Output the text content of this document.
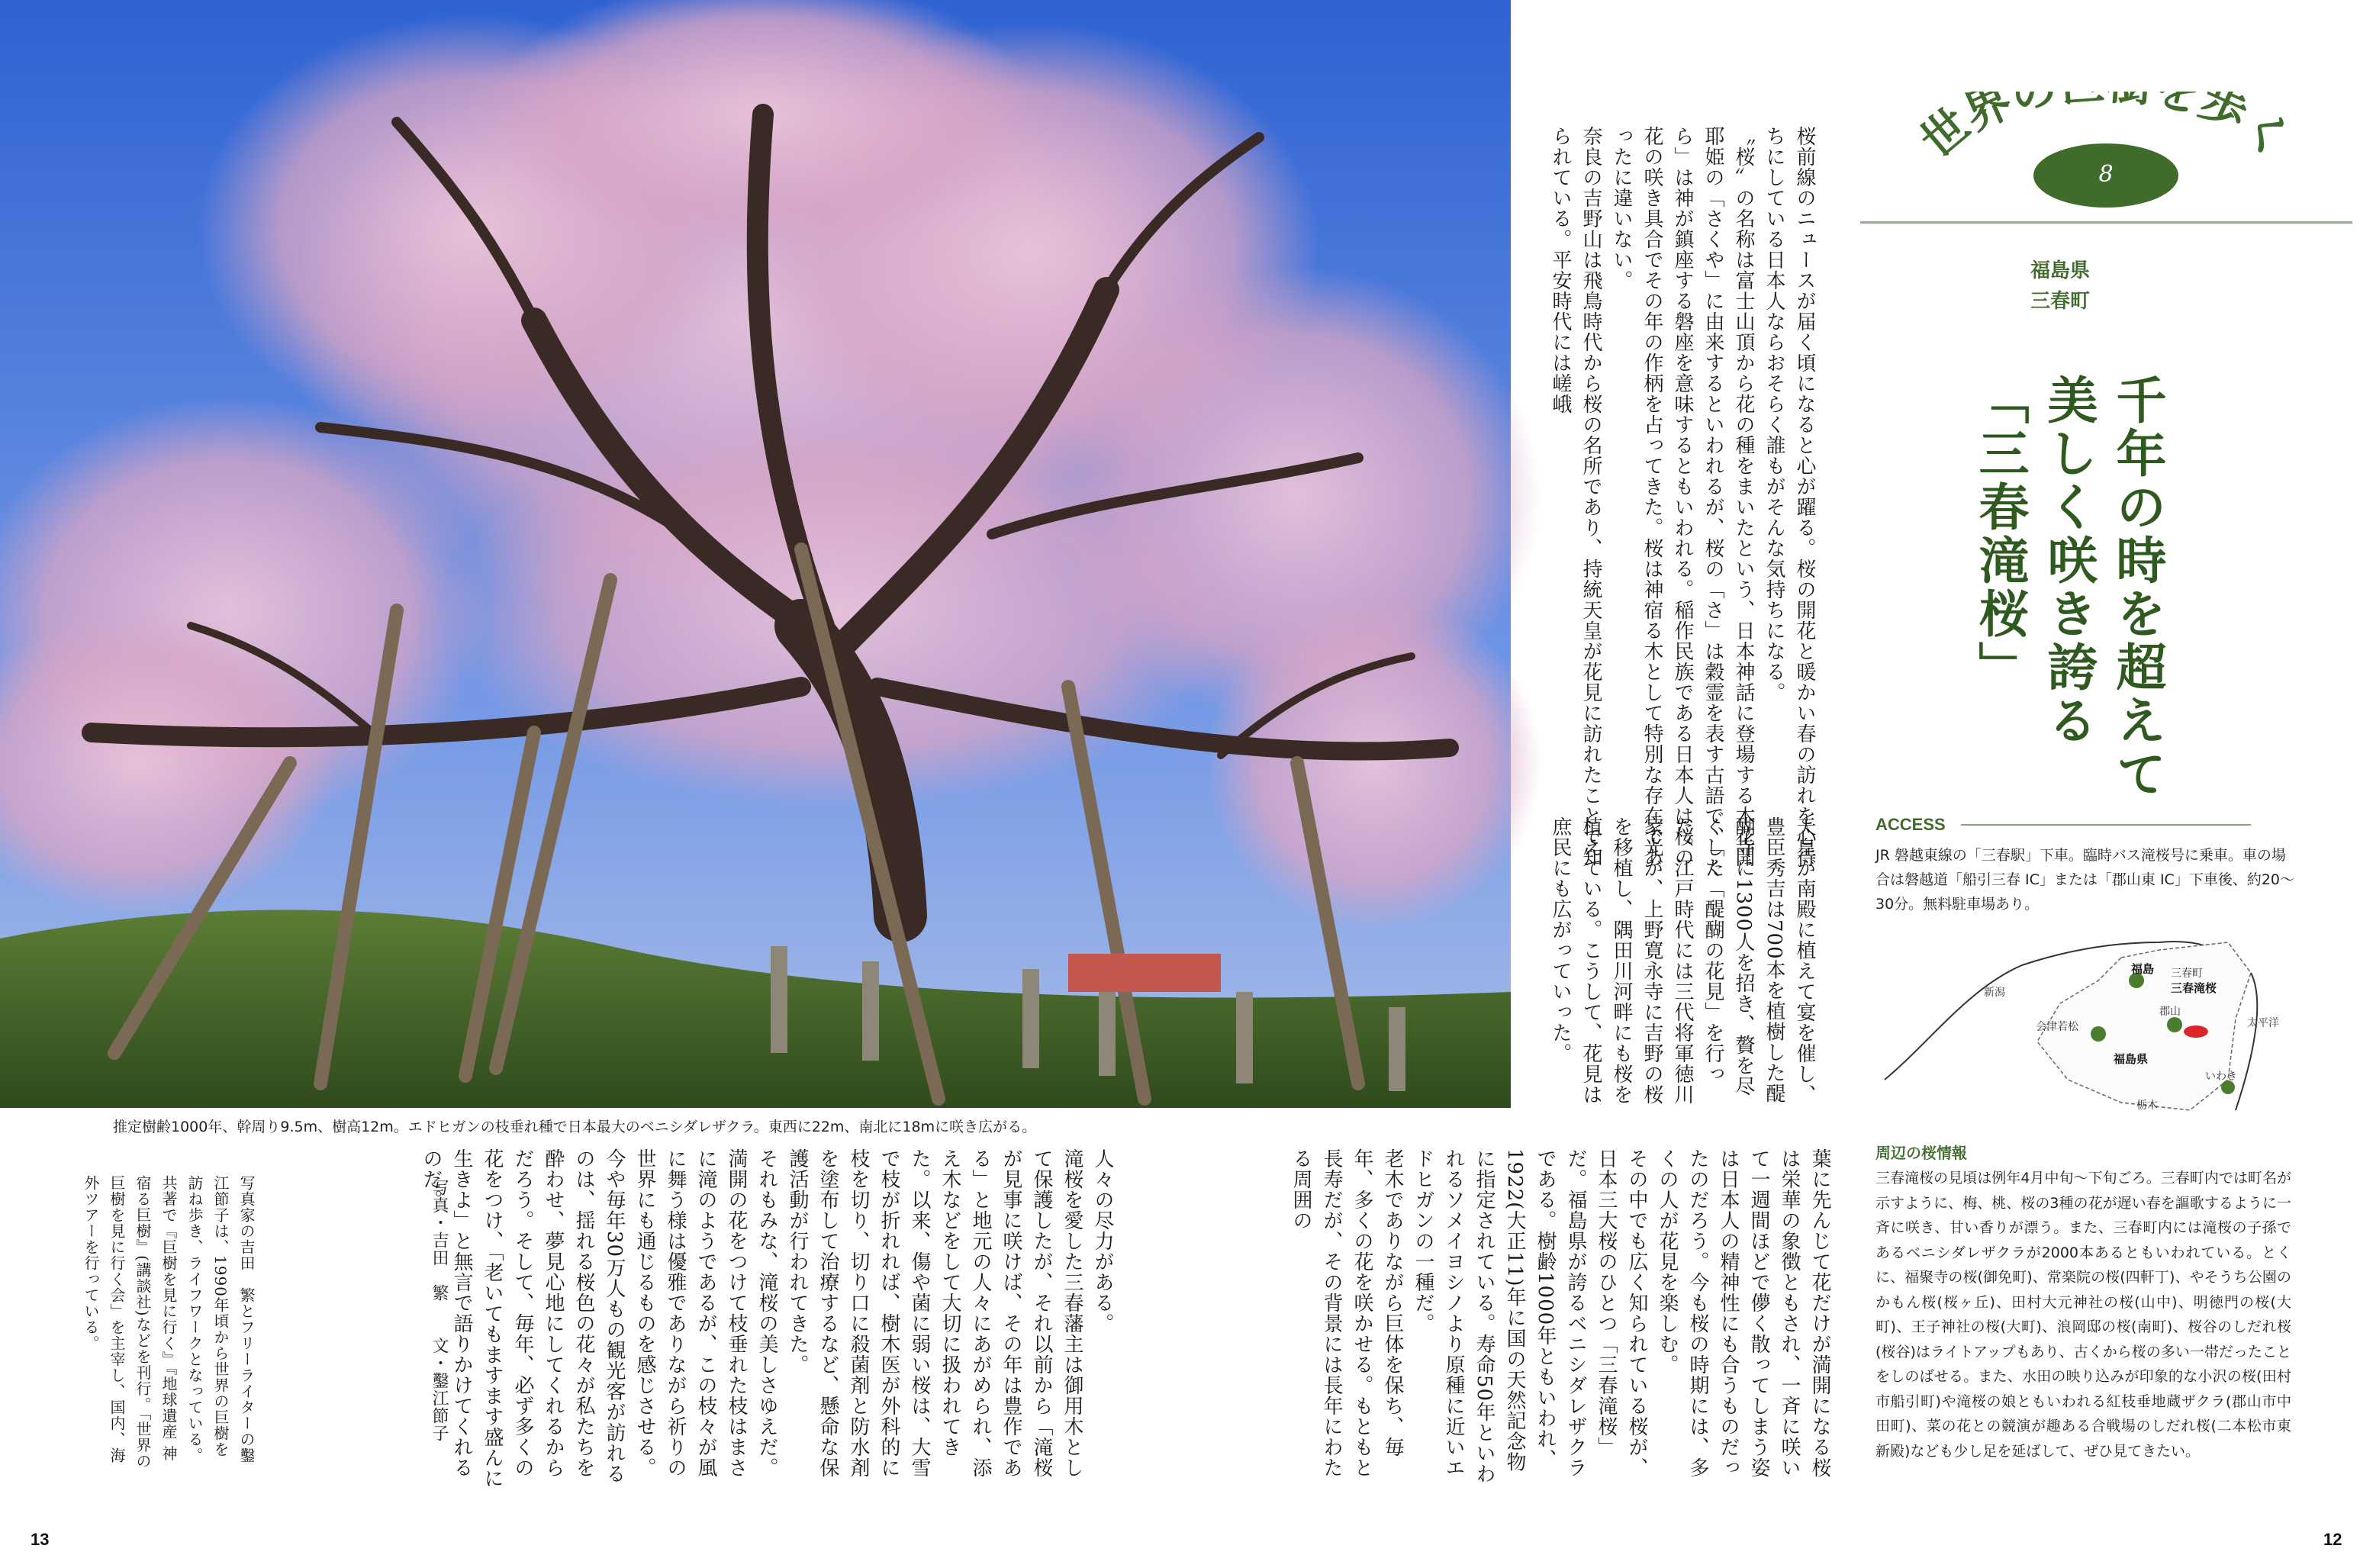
推定樹齢1000年、幹周り9.5m、樹高12m。エドヒガンの枝垂れ種で日本最大のベニシダレザクラ。東西に22m、南北に18mに咲き広がる。
世界の を歩く
8
福島県
三春町
千年の時を超えて
美しく咲き誇る
「三春滝桜」
桜前線のニュースが届く頃になると心が躍る。桜の開花と暖かい春の訪れを心待ちにしている日本人ならおそらく誰もがそんな気持ちになる。
〝桜〟の名称は富士山頂から花の種をまいたという、日本神話に登場する木花開耶姫の「さくや」に由来するといわれるが、桜の「さ」は穀霊を表す古語で、「くら」は神が鎮座する磐座を意味するともいわれる。稲作民族である日本人は桜の花の咲き具合でその年の作柄を占ってきた。桜は神宿る木として特別な存在であったに違いない。
奈良の吉野山は飛鳥時代から桜の名所であり、持統天皇が花見に訪れたことで知られている。平安時代には嵯峨
天皇が南殿に植えて宴を催し、豊臣秀吉は700本を植樹した醍醐寺に1300人を招き、贅を尽くした「醍醐の花見」を行った。江戸時代には三代将軍徳川家光が、上野寛永寺に吉野の桜を移植し、隅田川河畔にも桜を植えている。こうして、花見は庶民にも広がっていった。
葉に先んじて花だけが満開になる桜は栄華の象徴ともされ、一斉に咲いて一週間ほどで儚く散ってしまう姿は日本人の精神性にも合うものだったのだろう。今も桜の時期には、多くの人が花見を楽しむ。
その中でも広く知られている桜が、日本三大桜のひとつ「三春滝桜」だ。福島県が誇るベニシダレザクラである。樹齢1000年ともいわれ、1922(大正11)年に国の天然記念物に指定されている。寿命50年といわれるソメイヨシノより原種に近いエドヒガンの一種だ。
老木でありながら巨体を保ち、毎年、多くの花を咲かせる。もともと長寿だが、その背景には長年にわたる周囲の
人々の尽力がある。
滝桜を愛した三春藩主は御用木として保護したが、それ以前から「滝桜が見事に咲けば、その年は豊作である」と地元の人々にあがめられ、添え木などをして大切に扱われてきた。以来、傷や菌に弱い桜は、大雪で枝が折れれば、樹木医が外科的に枝を切り、切り口に殺菌剤と防水剤を塗布して治療するなど、懸命な保護活動が行われてきた。
それもみな、滝桜の美しさゆえだ。満開の花をつけて枝垂れた枝はまさに滝のようであるが、この枝々が風に舞う様は優雅でありながら祈りの世界にも通じるものを感じさせる。
今や毎年30万人もの観光客が訪れるのは、揺れる桜色の花々が私たちを酔わせ、夢見心地にしてくれるからだろう。そして、毎年、必ず多くの花をつけ、「老いてもますます盛んに生きよ」と無言で語りかけてくれるのだ。
写真家の吉田　繁とフリーライターの鑿江節子は、1990年頃から世界の巨樹を訪ね歩き、ライフワークとなっている。共著で『巨樹を見に行く』『地球遺産 神宿る巨樹』(講談社)などを刊行。「世界の巨樹を見に行く会」を主宰し、国内、海外ツアーを行っている。
ACCESS
JR 磐越東線の「三春駅」下車。臨時バス滝桜号に乗車。車の場合は磐越道「船引三春 IC」または「郡山東 IC」下車後、約20〜30分。無料駐車場あり。
福島 三春町
三春滝桜
新潟
会津若松
郡山
太平洋
福島県
いわき
栃木
周辺の桜情報
三春滝桜の見頃は例年4月中旬〜下旬ごろ。三春町内では町名が示すように、梅、桃、桜の3種の花が遅い春を謳歌するように一斉に咲き、甘い香りが漂う。また、三春町内には滝桜の子孫であるベニシダレザクラが2000本あるともいわれている。とくに、福聚寺の桜(御免町)、常楽院の桜(四軒丁)、やそうち公園のかもん桜(桜ヶ丘)、田村大元神社の桜(山中)、明徳門の桜(大町)、王子神社の桜(大町)、浪岡邸の桜(南町)、桜谷のしだれ桜(桜谷)はライトアップもあり、古くから桜の多い一帯だったことをしのばせる。また、水田の映り込みが印象的な小沢の桜(田村市船引町)や滝桜の娘ともいわれる紅枝垂地蔵ザクラ(郡山市中田町)、菜の花との競演が趣ある合戦場のしだれ桜(二本松市東新殿)なども少し足を延ばして、ぜひ見てきたい。
13	12
写真・吉田　繁　　文・鑿江節子
